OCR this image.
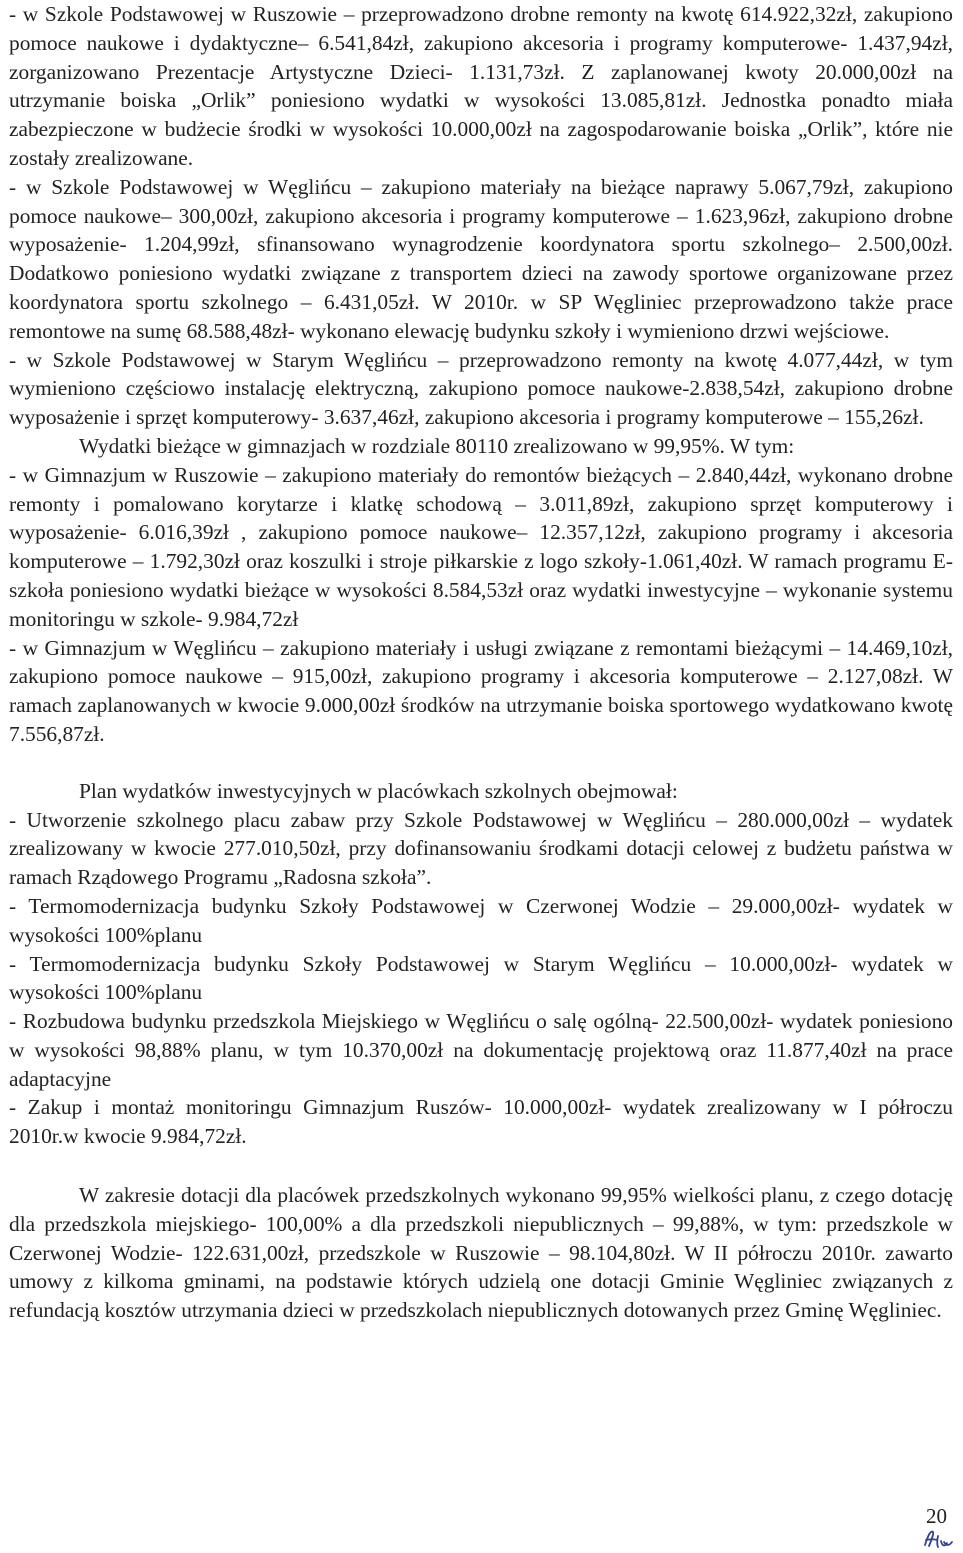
- w Szkole Podstawowej w Ruszowie – przeprowadzono drobne remonty na kwotę 614.922,32zł, zakupiono pomoce naukowe i dydaktyczne– 6.541,84zł, zakupiono akcesoria i programy komputerowe- 1.437,94zł, zorganizowano Prezentacje Artystyczne Dzieci- 1.131,73zł. Z zaplanowanej kwoty 20.000,00zł na utrzymanie boiska „Orlik” poniesiono wydatki w wysokości 13.085,81zł. Jednostka ponadto miała zabezpieczone w budżecie środki w wysokości 10.000,00zł na zagospodarowanie boiska „Orlik”, które nie zostały zrealizowane.

- w Szkole Podstawowej w Węglińcu – zakupiono materiały na bieżące naprawy 5.067,79zł, zakupiono pomoce naukowe– 300,00zł, zakupiono akcesoria i programy komputerowe – 1.623,96zł, zakupiono drobne wyposażenie- 1.204,99zł, sfinansowano wynagrodzenie koordynatora sportu szkolnego– 2.500,00zł. Dodatkowo poniesiono wydatki związane z transportem dzieci na zawody sportowe organizowane przez koordynatora sportu szkolnego – 6.431,05zł. W 2010r. w SP Węgliniec przeprowadzono także prace remontowe na sumę 68.588,48zł- wykonano elewację budynku szkoły i wymieniono drzwi wejściowe.

- w Szkole Podstawowej w Starym Węglińcu – przeprowadzono remonty na kwotę 4.077,44zł, w tym wymieniono częściowo instalację elektryczną, zakupiono pomoce naukowe-2.838,54zł, zakupiono drobne wyposażenie i sprzęt komputerowy- 3.637,46zł, zakupiono akcesoria i programy komputerowe – 155,26zł.

Wydatki bieżące w gimnazjach w rozdziale 80110 zrealizowano w 99,95%. W tym:

- w Gimnazjum w Ruszowie – zakupiono materiały do remontów bieżących – 2.840,44zł, wykonano drobne remonty i pomalowano korytarze i klatkę schodową – 3.011,89zł, zakupiono sprzęt komputerowy i wyposażenie- 6.016,39zł , zakupiono pomoce naukowe– 12.357,12zł, zakupiono programy i akcesoria komputerowe – 1.792,30zł oraz koszulki i stroje piłkarskie z logo szkoły-1.061,40zł. W ramach programu E-szkoła poniesiono wydatki bieżące w wysokości 8.584,53zł oraz wydatki inwestycyjne – wykonanie systemu monitoringu w szkole- 9.984,72zł

- w Gimnazjum w Węglińcu – zakupiono materiały i usługi związane z remontami bieżącymi – 14.469,10zł, zakupiono pomoce naukowe – 915,00zł, zakupiono programy i akcesoria komputerowe – 2.127,08zł. W ramach zaplanowanych w kwocie 9.000,00zł środków na utrzymanie boiska sportowego wydatkowano kwotę 7.556,87zł.

Plan wydatków inwestycyjnych w placówkach szkolnych obejmował:

- Utworzenie szkolnego placu zabaw przy Szkole Podstawowej w Węglińcu – 280.000,00zł – wydatek zrealizowany w kwocie 277.010,50zł, przy dofinansowaniu środkami dotacji celowej z budżetu państwa w ramach Rządowego Programu „Radosna szkoła”.

- Termomodernizacja budynku Szkoły Podstawowej w Czerwonej Wodzie – 29.000,00zł- wydatek w wysokości 100%planu

- Termomodernizacja budynku Szkoły Podstawowej w Starym Węglińcu – 10.000,00zł- wydatek w wysokości 100%planu

- Rozbudowa budynku przedszkola Miejskiego w Węglińcu o salę ogólną- 22.500,00zł- wydatek poniesiono w wysokości 98,88% planu, w tym 10.370,00zł na dokumentację projektową oraz 11.877,40zł na prace adaptacyjne

- Zakup i montaż monitoringu Gimnazjum Ruszów- 10.000,00zł- wydatek zrealizowany w I półroczu 2010r.w kwocie 9.984,72zł.

W zakresie dotacji dla placówek przedszkolnych wykonano 99,95% wielkości planu, z czego dotację dla przedszkola miejskiego- 100,00% a dla przedszkoli niepublicznych – 99,88%, w tym: przedszkole w Czerwonej Wodzie- 122.631,00zł, przedszkole w Ruszowie – 98.104,80zł. W II półroczu 2010r. zawarto umowy z kilkoma gminami, na podstawie których udzielą one dotacji Gminie Węgliniec związanych z refundacją kosztów utrzymania dzieci w przedszkolach niepublicznych dotowanych przez Gminę Węgliniec.

20
